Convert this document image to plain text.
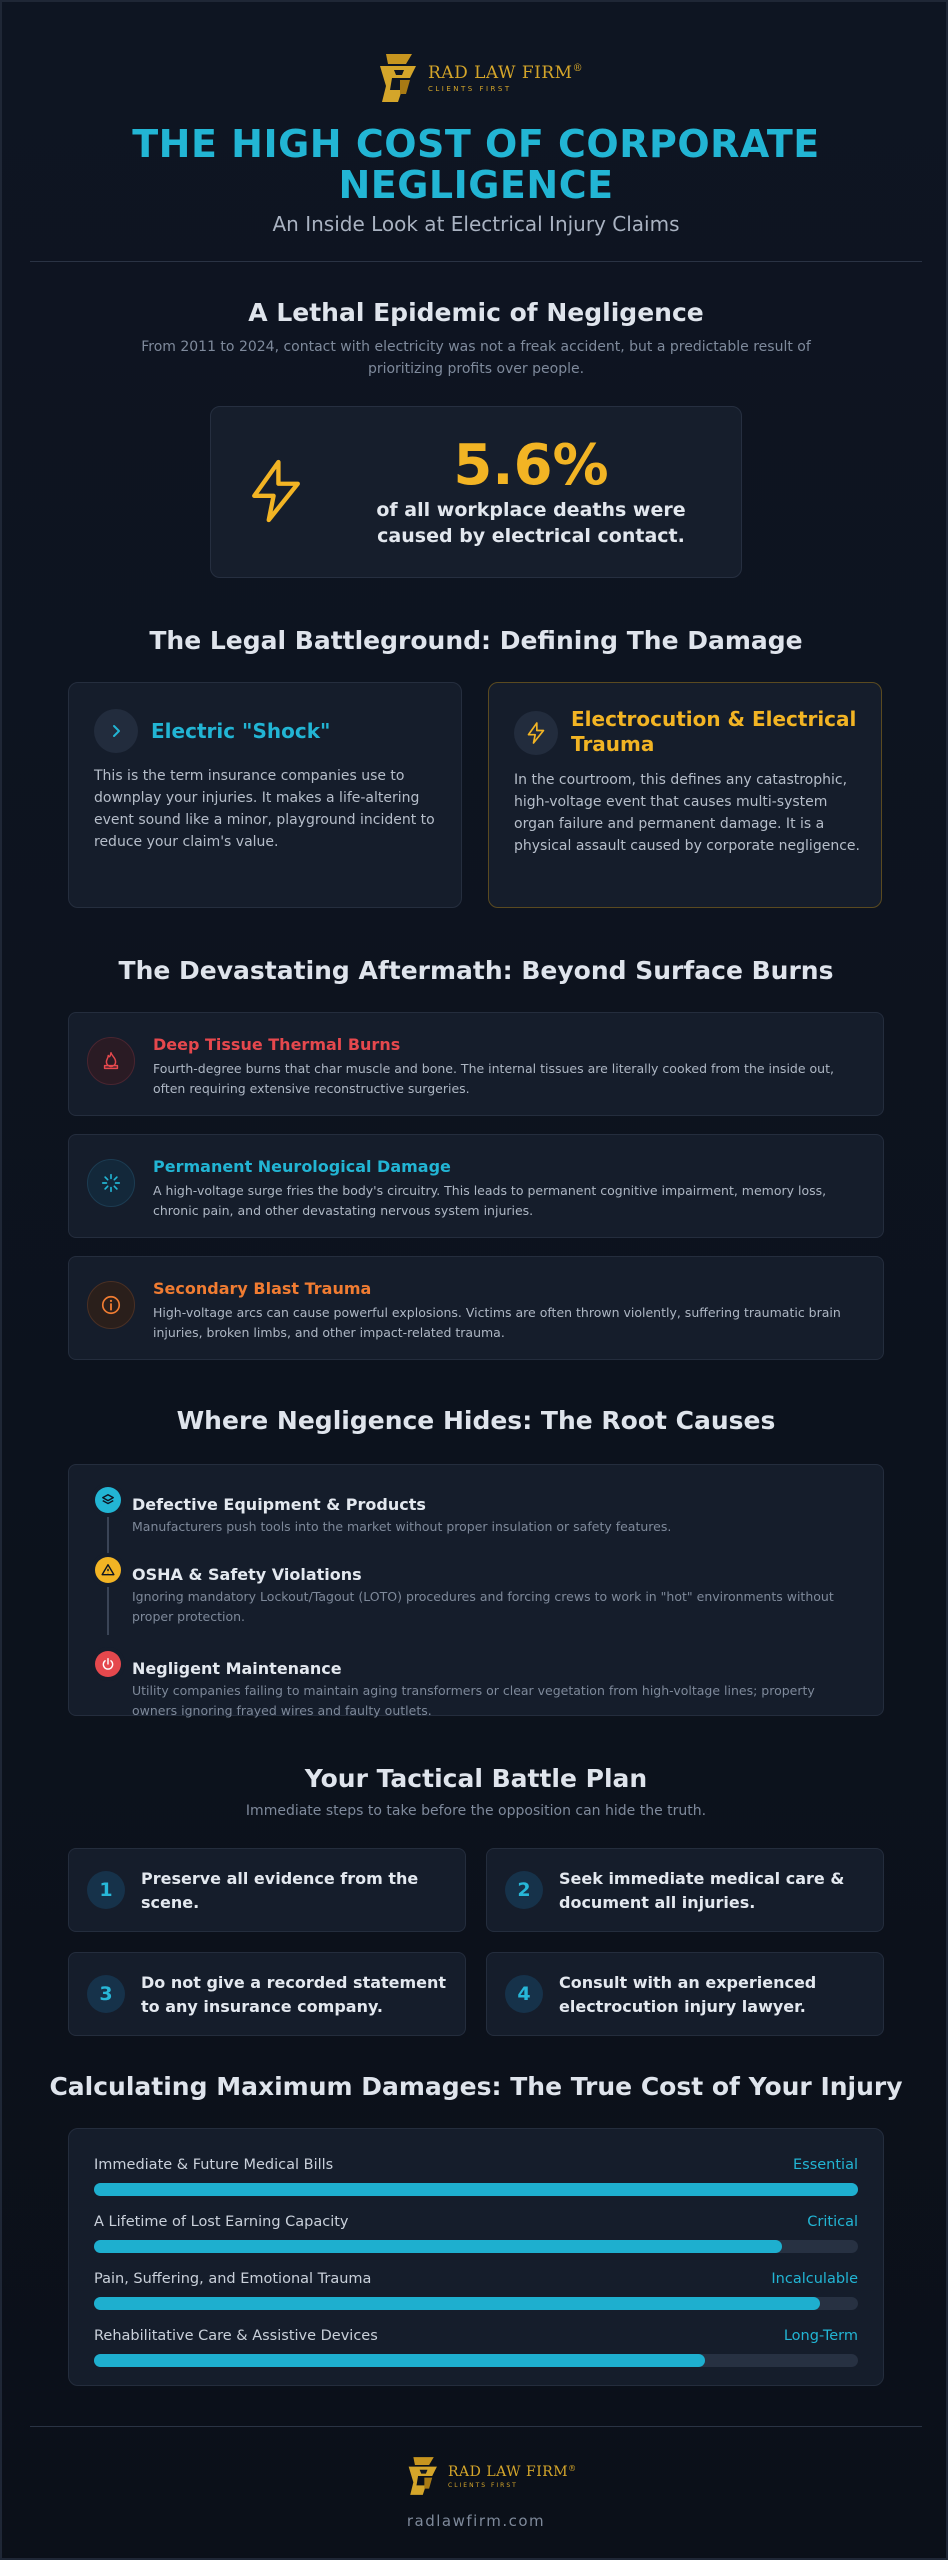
RAD LAW FIRM®
CLIENTS FIRST
THE HIGH COST OF CORPORATE
NEGLIGENCE
An Inside Look at Electrical Injury Claims
A Lethal Epidemic of Negligence
From 2011 to 2024, contact with electricity was not a freak accident, but a predictable result of prioritizing profits over people.
5.6%
of all workplace deaths were
caused by electrical contact.
The Legal Battleground: Defining The Damage
Electric "Shock"
This is the term insurance companies use to downplay your injuries. It makes a life-altering event sound like a minor, playground incident to reduce your claim's value.
Electrocution & Electrical
Trauma
In the courtroom, this defines any catastrophic, high-voltage event that causes multi-system organ failure and permanent damage. It is a physical assault caused by corporate negligence.
The Devastating Aftermath: Beyond Surface Burns
Deep Tissue Thermal Burns
Fourth-degree burns that char muscle and bone. The internal tissues are literally cooked from the inside out, often requiring extensive reconstructive surgeries.
Permanent Neurological Damage
A high-voltage surge fries the body's circuitry. This leads to permanent cognitive impairment, memory loss, chronic pain, and other devastating nervous system injuries.
Secondary Blast Trauma
High-voltage arcs can cause powerful explosions. Victims are often thrown violently, suffering traumatic brain injuries, broken limbs, and other impact-related trauma.
Where Negligence Hides: The Root Causes
Defective Equipment & Products
Manufacturers push tools into the market without proper insulation or safety features.
OSHA & Safety Violations
Ignoring mandatory Lockout/Tagout (LOTO) procedures and forcing crews to work in "hot" environments without proper protection.
Negligent Maintenance
Utility companies failing to maintain aging transformers or clear vegetation from high-voltage lines; property owners ignoring frayed wires and faulty outlets.
Your Tactical Battle Plan
Immediate steps to take before the opposition can hide the truth.
1
Preserve all evidence from the scene.
2
Seek immediate medical care & document all injuries.
3
Do not give a recorded statement to any insurance company.
4
Consult with an experienced electrocution injury lawyer.
Calculating Maximum Damages: The True Cost of Your Injury
Immediate & Future Medical Bills	Essential
A Lifetime of Lost Earning Capacity	Critical
Pain, Suffering, and Emotional Trauma	Incalculable
Rehabilitative Care & Assistive Devices	Long-Term
RAD LAW FIRM®
CLIENTS FIRST
radlawfirm.com
